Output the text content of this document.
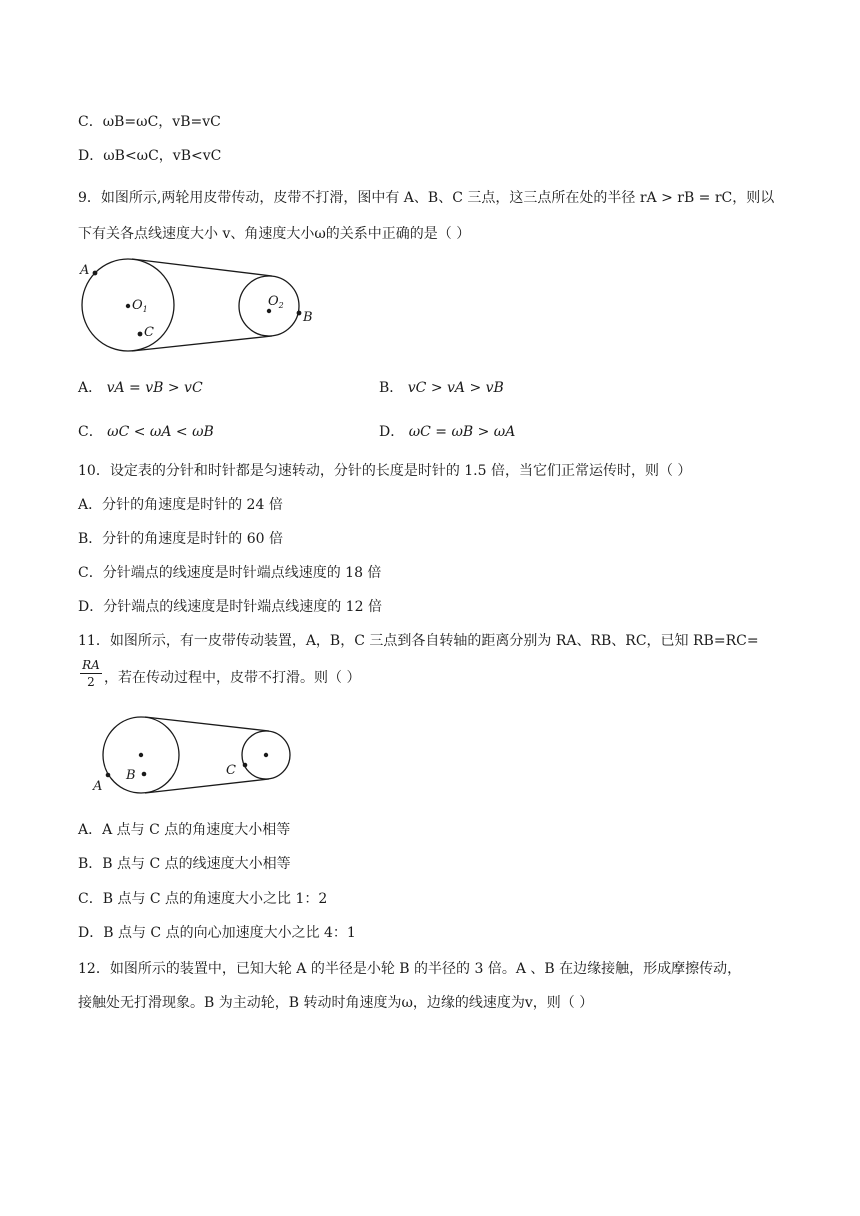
C．ωB=ωC，vB=vC
D．ωB<ωC，vB<vC
9．如图所示,两轮用皮带传动，皮带不打滑，图中有 A、B、C 三点，这三点所在处的半径 rA > rB = rC，则以
下有关各点线速度大小 v、角速度大小ω的关系中正确的是（ ）
A
$O_1$
C
$O_2$
B
A． vA = vB > vC	B． vC > vA > vB
C． ωC < ωA < ωB	D． ωC = ωB > ωA
10．设定表的分针和时针都是匀速转动，分针的长度是时针的 1.5 倍，当它们正常运传时，则（ ）
A．分针的角速度是时针的 24 倍
B．分针的角速度是时针的 60 倍
C．分针端点的线速度是时针端点线速度的 18 倍
D．分针端点的线速度是时针端点线速度的 12 倍
11．如图所示，有一皮带传动装置，A，B，C 三点到各自转轴的距离分别为 RA、RB、RC，已知 RB=RC=
$\frac{RA}{2}$ ，若在传动过程中，皮带不打滑。则（ ）
B
A
C
A．A 点与 C 点的角速度大小相等
B．B 点与 C 点的线速度大小相等
C．B 点与 C 点的角速度大小之比 1：2
D．B 点与 C 点的向心加速度大小之比 4：1
12．如图所示的装置中，已知大轮 A 的半径是小轮 B 的半径的 3 倍。A 、B 在边缘接触，形成摩擦传动，
接触处无打滑现象。B 为主动轮，B 转动时角速度为ω，边缘的线速度为v，则（ ）
